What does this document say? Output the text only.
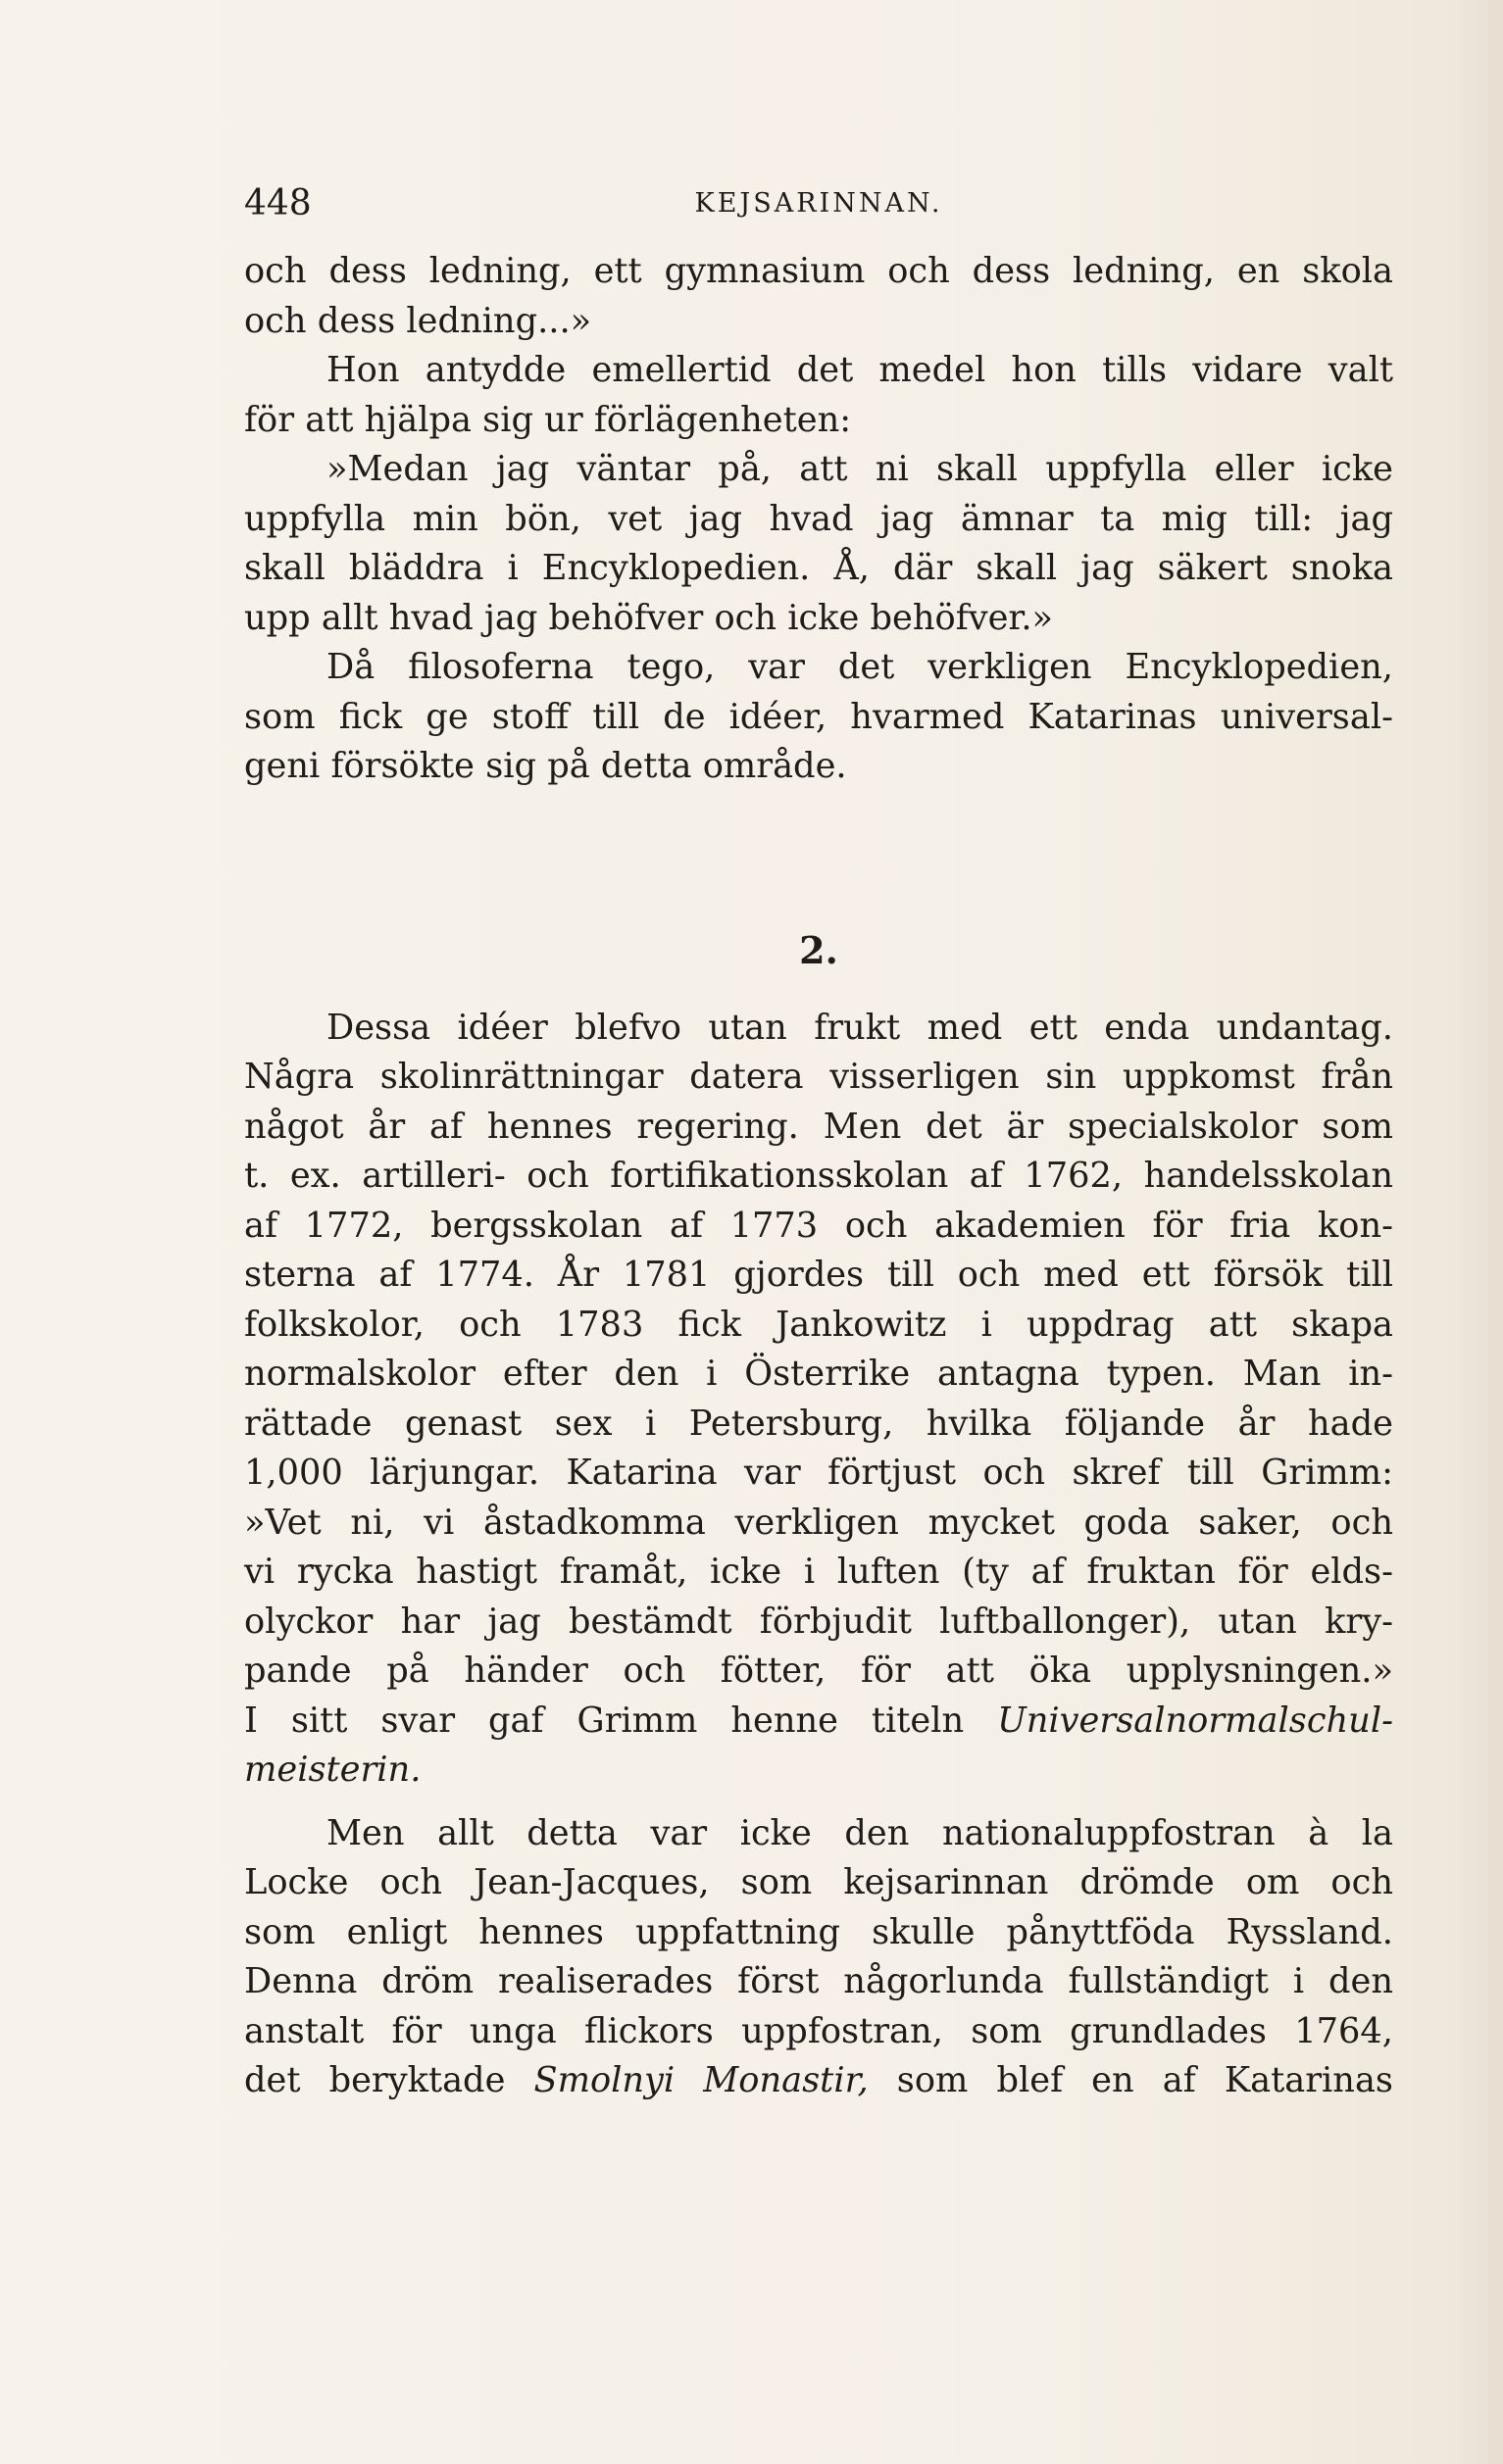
448	KEJSARINNAN.
och dess ledning, ett gymnasium och dess ledning, en skola
och dess ledning...»
Hon antydde emellertid det medel hon tills vidare valt
för att hjälpa sig ur förlägenheten:
»Medan jag väntar på, att ni skall uppfylla eller icke
uppfylla min bön, vet jag hvad jag ämnar ta mig till: jag
skall bläddra i Encyklopedien. Å, där skall jag säkert snoka
upp allt hvad jag behöfver och icke behöfver.»
Då filosoferna tego, var det verkligen Encyklopedien,
som fick ge stoff till de idéer, hvarmed Katarinas universal-
geni försökte sig på detta område.
2.
Dessa idéer blefvo utan frukt med ett enda undantag.
Några skolinrättningar datera visserligen sin uppkomst från
något år af hennes regering. Men det är specialskolor som
t. ex. artilleri- och fortifikationsskolan af 1762, handelsskolan
af 1772, bergsskolan af 1773 och akademien för fria kon-
sterna af 1774. År 1781 gjordes till och med ett försök till
folkskolor, och 1783 fick Jankowitz i uppdrag att skapa
normalskolor efter den i Österrike antagna typen. Man in-
rättade genast sex i Petersburg, hvilka följande år hade
1,000 lärjungar. Katarina var förtjust och skref till Grimm:
»Vet ni, vi åstadkomma verkligen mycket goda saker, och
vi rycka hastigt framåt, icke i luften (ty af fruktan för elds-
olyckor har jag bestämdt förbjudit luftballonger), utan kry-
pande på händer och fötter, för att öka upplysningen.»
I sitt svar gaf Grimm henne titeln Universalnormalschul-
meisterin.
Men allt detta var icke den nationaluppfostran à la
Locke och Jean-Jacques, som kejsarinnan drömde om och
som enligt hennes uppfattning skulle pånyttföda Ryssland.
Denna dröm realiserades först någorlunda fullständigt i den
anstalt för unga flickors uppfostran, som grundlades 1764,
det beryktade Smolnyi Monastir, som blef en af Katarinas
